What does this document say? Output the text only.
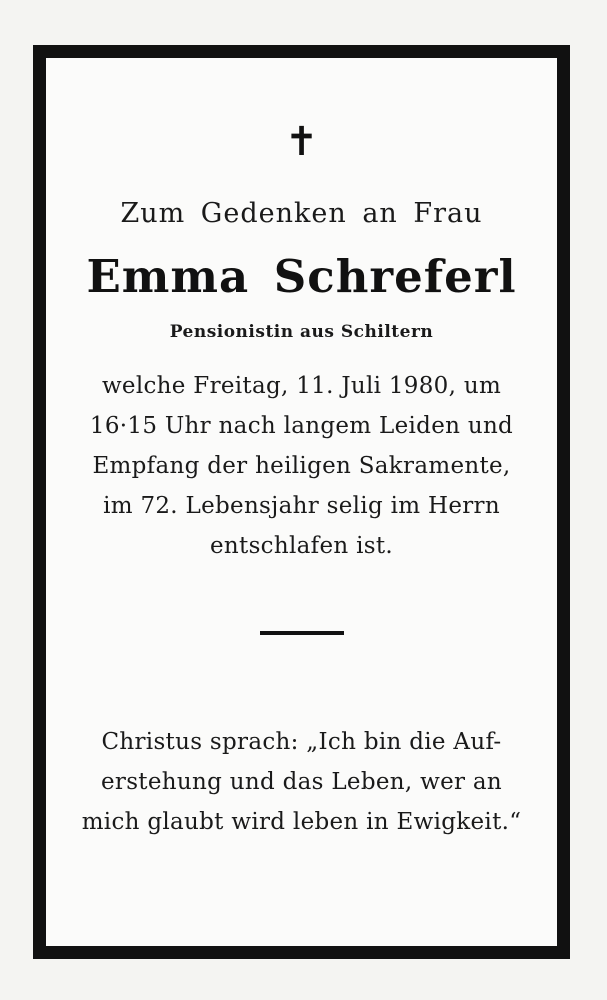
✝
Zum Gedenken an Frau
Emma Schreferl
Pensionistin aus Schiltern
welche Freitag, 11. Juli 1980, um
16·15 Uhr nach langem Leiden und
Empfang der heiligen Sakramente,
im 72. Lebensjahr selig im Herrn
entschlafen ist.
Christus sprach: „Ich bin die Auf-
erstehung und das Leben, wer an
mich glaubt wird leben in Ewigkeit.“
